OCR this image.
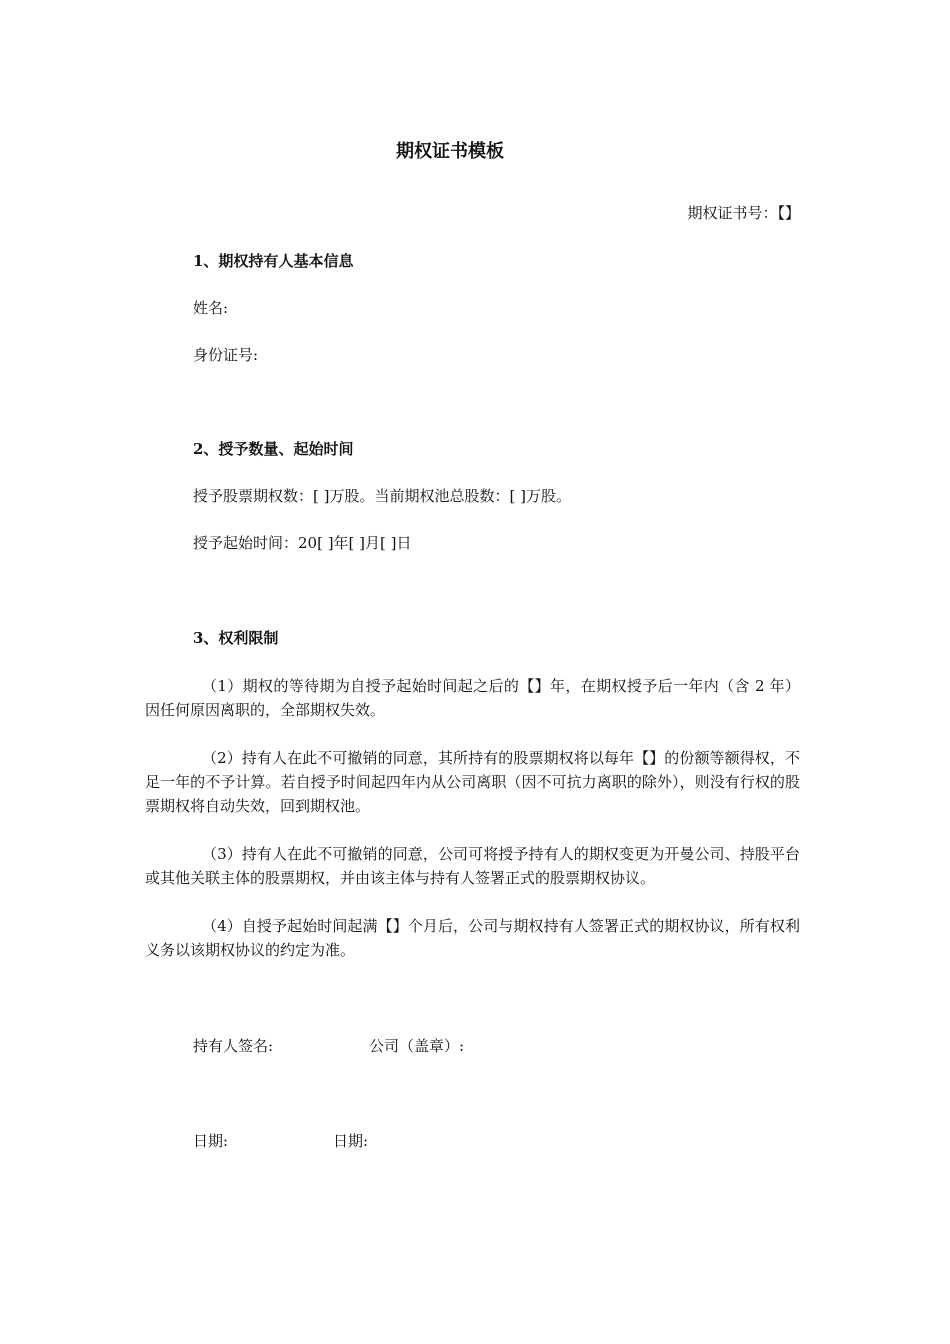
期权证书模板
期权证书号：【】
1、期权持有人基本信息
姓名:
身份证号:
2、授予数量、起始时间
授予股票期权数：[ ]万股。当前期权池总股数：[ ]万股。
授予起始时间：20[ ]年[ ]月[ ]日
3、权利限制
（1）期权的等待期为自授予起始时间起之后的【】年，在期权授予后一年内（含 2 年）因任何原因离职的，全部期权失效。
（2）持有人在此不可撤销的同意，其所持有的股票期权将以每年【】的份额等额得权，不足一年的不予计算。若自授予时间起四年内从公司离职（因不可抗力离职的除外），则没有行权的股票期权将自动失效，回到期权池。
（3）持有人在此不可撤销的同意，公司可将授予持有人的期权变更为开曼公司、持股平台或其他关联主体的股票期权，并由该主体与持有人签署正式的股票期权协议。
（4）自授予起始时间起满【】个月后，公司与期权持有人签署正式的期权协议，所有权利义务以该期权协议的约定为准。
持有人签名:	公司（盖章）:
日期:	日期:
